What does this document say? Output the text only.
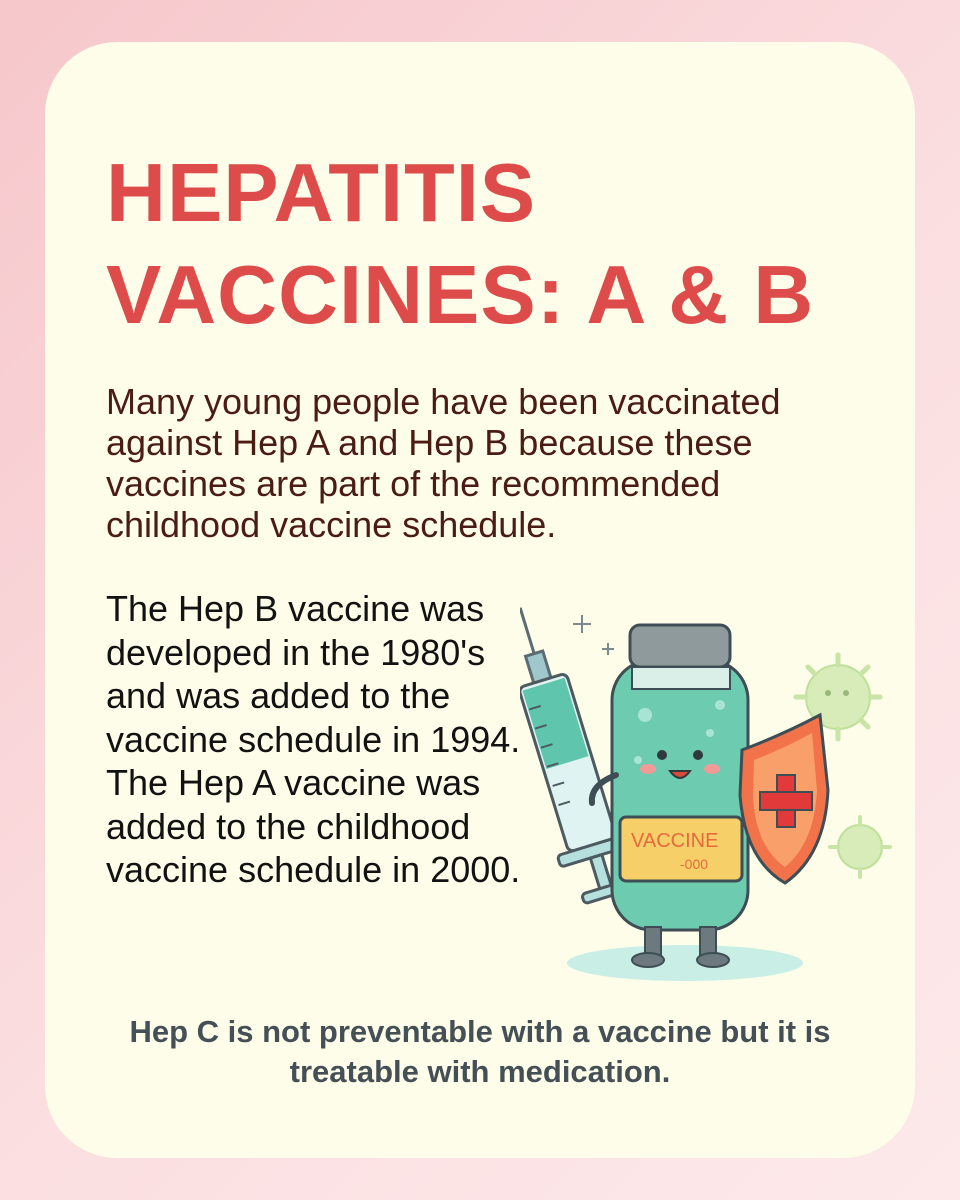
HEPATITIS
VACCINES: A & B

Many young people have been vaccinated against Hep A and Hep B because these vaccines are part of the recommended childhood vaccine schedule.

The Hep B vaccine was developed in the 1980's and was added to the vaccine schedule in 1994. The Hep A vaccine was added to the childhood vaccine schedule in 2000.

VACCINE
-000

Hep C is not preventable with a vaccine but it is treatable with medication.
